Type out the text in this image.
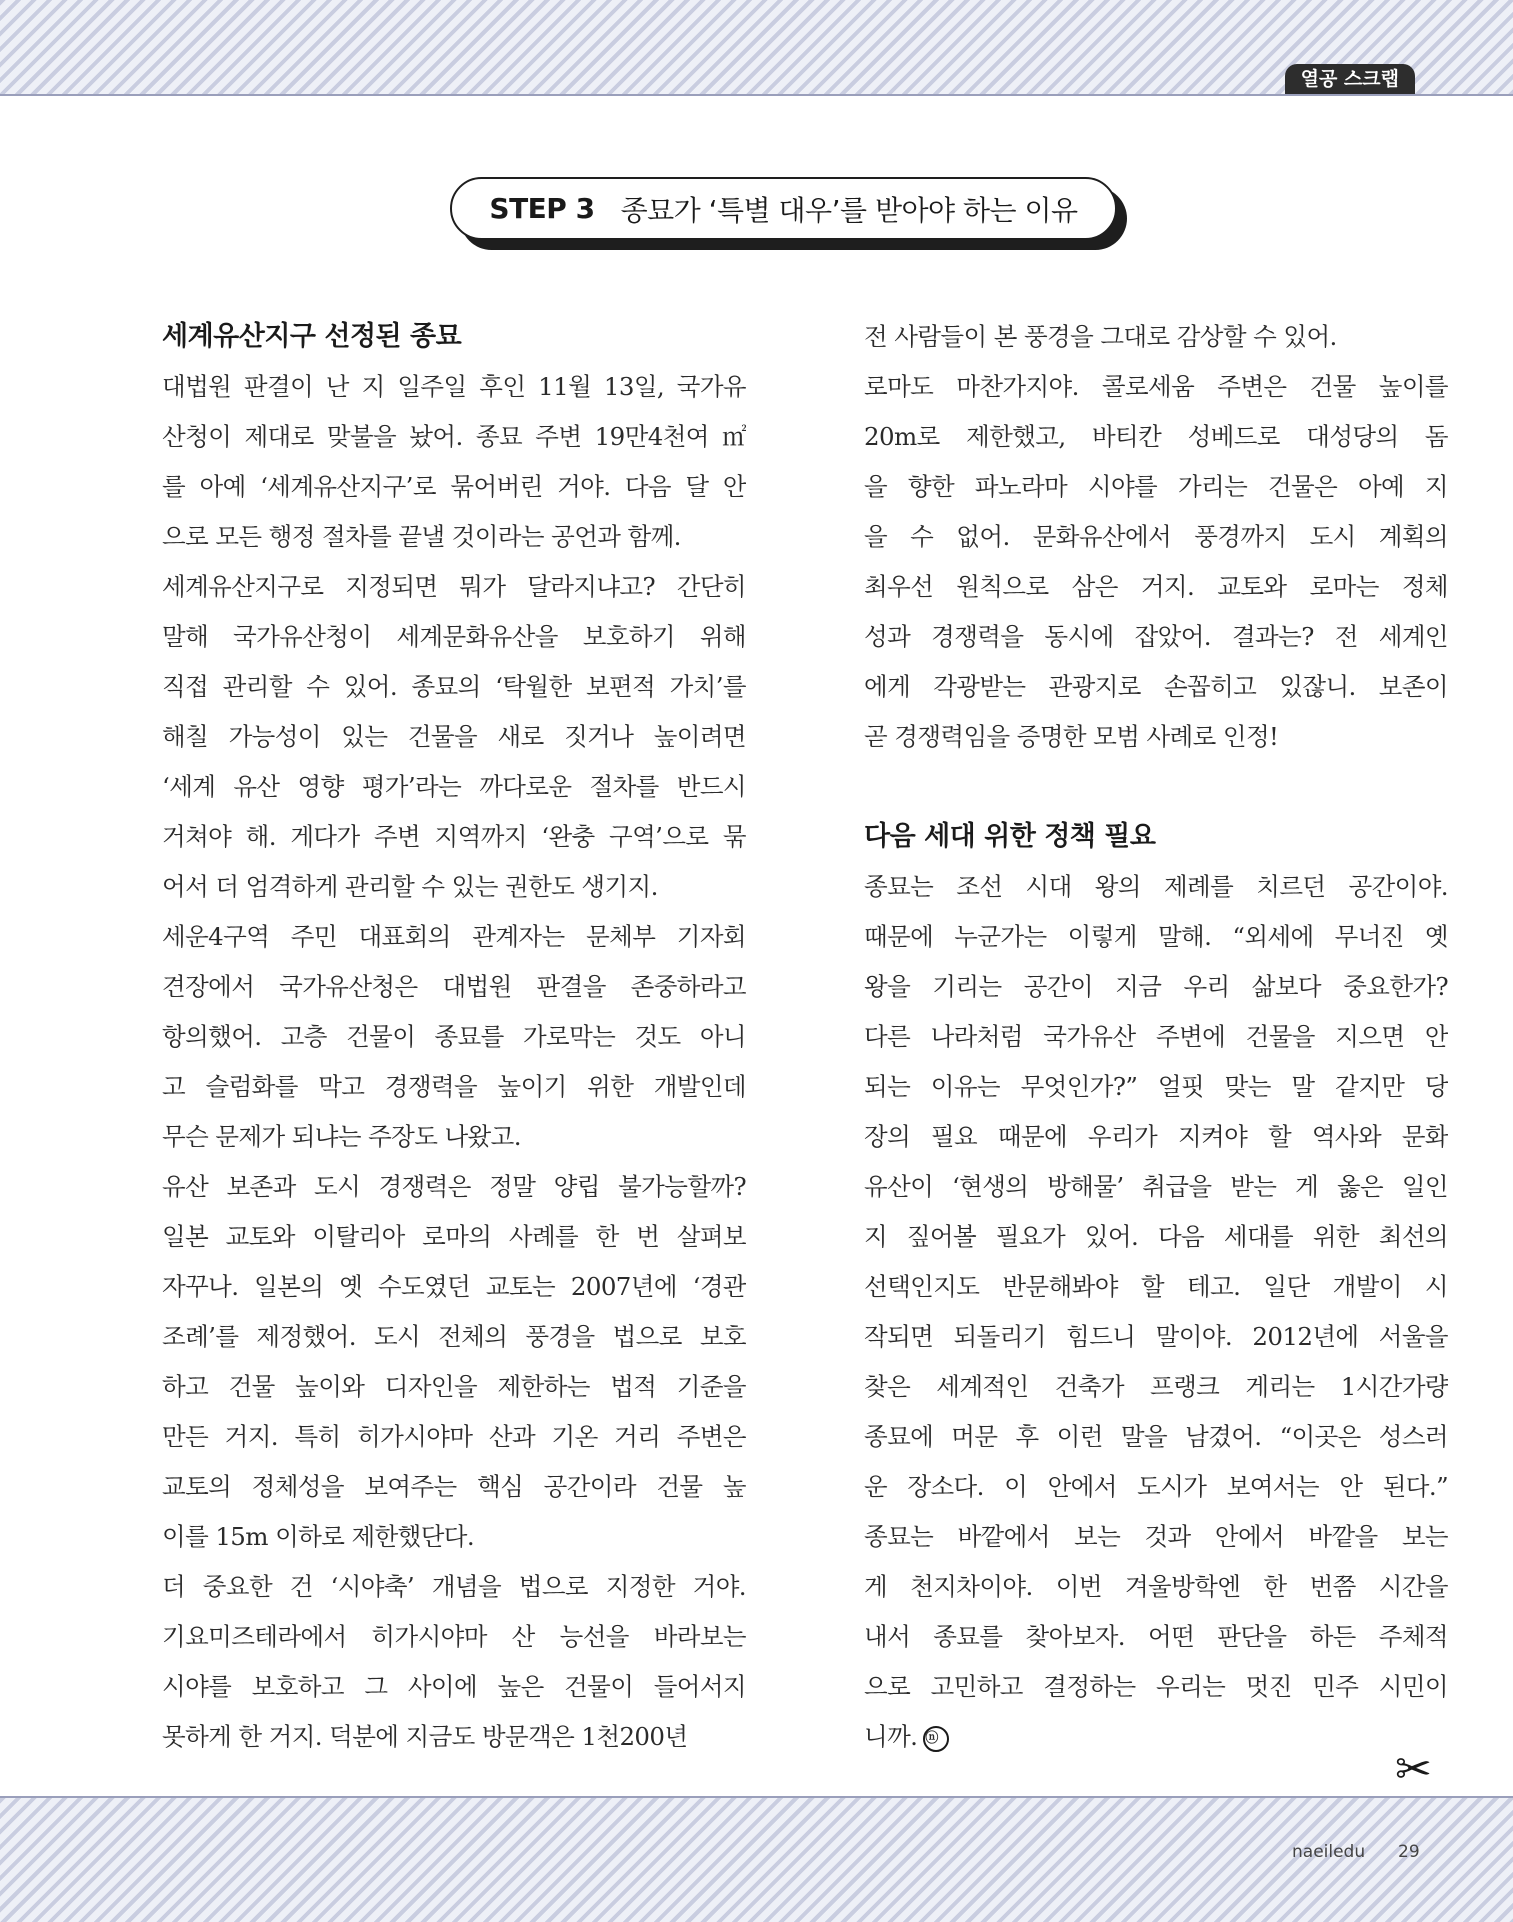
열공 스크랩
STEP 3 종묘가 ‘특별 대우’를 받아야 하는 이유
세계유산지구 선정된 종묘
대법원 판결이 난 지 일주일 후인 11월 13일, 국가유
산청이 제대로 맞불을 놨어. 종묘 주변 19만4천여 ㎡
를 아예 ‘세계유산지구’로 묶어버린 거야. 다음 달 안
으로 모든 행정 절차를 끝낼 것이라는 공언과 함께.
세계유산지구로 지정되면 뭐가 달라지냐고? 간단히
말해 국가유산청이 세계문화유산을 보호하기 위해
직접 관리할 수 있어. 종묘의 ‘탁월한 보편적 가치’를
해칠 가능성이 있는 건물을 새로 짓거나 높이려면
‘세계 유산 영향 평가’라는 까다로운 절차를 반드시
거쳐야 해. 게다가 주변 지역까지 ‘완충 구역’으로 묶
어서 더 엄격하게 관리할 수 있는 권한도 생기지.
세운4구역 주민 대표회의 관계자는 문체부 기자회
견장에서 국가유산청은 대법원 판결을 존중하라고
항의했어. 고층 건물이 종묘를 가로막는 것도 아니
고 슬럼화를 막고 경쟁력을 높이기 위한 개발인데
무슨 문제가 되냐는 주장도 나왔고.
유산 보존과 도시 경쟁력은 정말 양립 불가능할까?
일본 교토와 이탈리아 로마의 사례를 한 번 살펴보
자꾸나. 일본의 옛 수도였던 교토는 2007년에 ‘경관
조례’를 제정했어. 도시 전체의 풍경을 법으로 보호
하고 건물 높이와 디자인을 제한하는 법적 기준을
만든 거지. 특히 히가시야마 산과 기온 거리 주변은
교토의 정체성을 보여주는 핵심 공간이라 건물 높
이를 15m 이하로 제한했단다.
더 중요한 건 ‘시야축’ 개념을 법으로 지정한 거야.
기요미즈테라에서 히가시야마 산 능선을 바라보는
시야를 보호하고 그 사이에 높은 건물이 들어서지
못하게 한 거지. 덕분에 지금도 방문객은 1천200년
전 사람들이 본 풍경을 그대로 감상할 수 있어.
로마도 마찬가지야. 콜로세움 주변은 건물 높이를
20m로 제한했고, 바티칸 성베드로 대성당의 돔
을 향한 파노라마 시야를 가리는 건물은 아예 지
을 수 없어. 문화유산에서 풍경까지 도시 계획의
최우선 원칙으로 삼은 거지. 교토와 로마는 정체
성과 경쟁력을 동시에 잡았어. 결과는? 전 세계인
에게 각광받는 관광지로 손꼽히고 있잖니. 보존이
곧 경쟁력임을 증명한 모범 사례로 인정!
다음 세대 위한 정책 필요
종묘는 조선 시대 왕의 제례를 치르던 공간이야.
때문에 누군가는 이렇게 말해. “외세에 무너진 옛
왕을 기리는 공간이 지금 우리 삶보다 중요한가?
다른 나라처럼 국가유산 주변에 건물을 지으면 안
되는 이유는 무엇인가?” 얼핏 맞는 말 같지만 당
장의 필요 때문에 우리가 지켜야 할 역사와 문화
유산이 ‘현생의 방해물’ 취급을 받는 게 옳은 일인
지 짚어볼 필요가 있어. 다음 세대를 위한 최선의
선택인지도 반문해봐야 할 테고. 일단 개발이 시
작되면 되돌리기 힘드니 말이야. 2012년에 서울을
찾은 세계적인 건축가 프랭크 게리는 1시간가량
종묘에 머문 후 이런 말을 남겼어. “이곳은 성스러
운 장소다. 이 안에서 도시가 보여서는 안 된다.”
종묘는 바깥에서 보는 것과 안에서 바깥을 보는
게 천지차이야. 이번 겨울방학엔 한 번쯤 시간을
내서 종묘를 찾아보자. 어떤 판단을 하든 주체적
으로 고민하고 결정하는 우리는 멋진 민주 시민이
니까. ⓝ
✂
naeiledu 29
